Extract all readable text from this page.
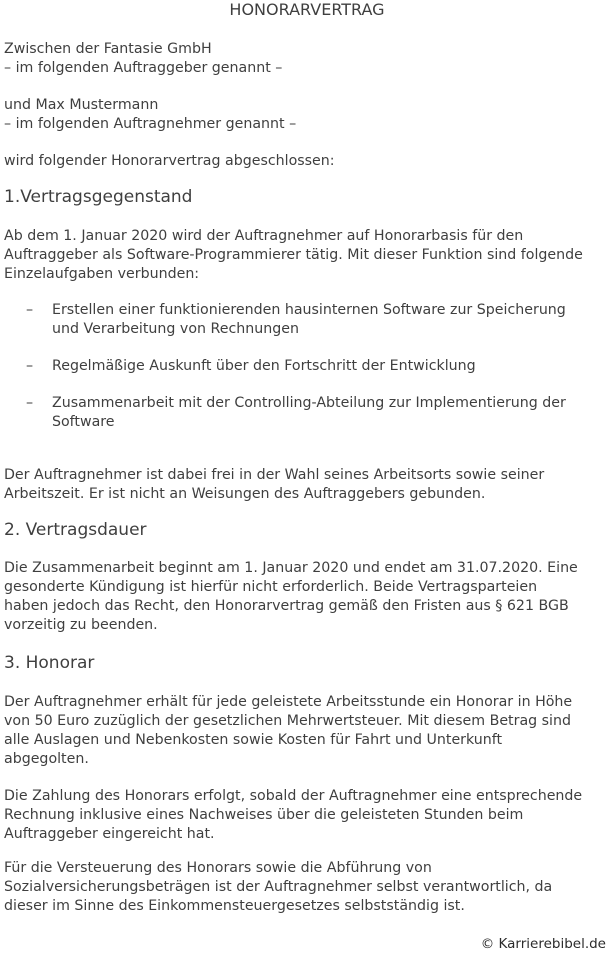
HONORARVERTRAG
Zwischen der Fantasie GmbH
– im folgenden Auftraggeber genannt –
und Max Mustermann
– im folgenden Auftragnehmer genannt –
wird folgender Honorarvertrag abgeschlossen:
1.Vertragsgegenstand
Ab dem 1. Januar 2020 wird der Auftragnehmer auf Honorarbasis für den
Auftraggeber als Software-Programmierer tätig. Mit dieser Funktion sind folgende
Einzelaufgaben verbunden:
– Erstellen einer funktionierenden hausinternen Software zur Speicherung
und Verarbeitung von Rechnungen
– Regelmäßige Auskunft über den Fortschritt der Entwicklung
– Zusammenarbeit mit der Controlling-Abteilung zur Implementierung der
Software
Der Auftragnehmer ist dabei frei in der Wahl seines Arbeitsorts sowie seiner
Arbeitszeit. Er ist nicht an Weisungen des Auftraggebers gebunden.
2. Vertragsdauer
Die Zusammenarbeit beginnt am 1. Januar 2020 und endet am 31.07.2020. Eine
gesonderte Kündigung ist hierfür nicht erforderlich. Beide Vertragsparteien
haben jedoch das Recht, den Honorarvertrag gemäß den Fristen aus § 621 BGB
vorzeitig zu beenden.
3. Honorar
Der Auftragnehmer erhält für jede geleistete Arbeitsstunde ein Honorar in Höhe
von 50 Euro zuzüglich der gesetzlichen Mehrwertsteuer. Mit diesem Betrag sind
alle Auslagen und Nebenkosten sowie Kosten für Fahrt und Unterkunft
abgegolten.
Die Zahlung des Honorars erfolgt, sobald der Auftragnehmer eine entsprechende
Rechnung inklusive eines Nachweises über die geleisteten Stunden beim
Auftraggeber eingereicht hat.
Für die Versteuerung des Honorars sowie die Abführung von
Sozialversicherungsbeträgen ist der Auftragnehmer selbst verantwortlich, da
dieser im Sinne des Einkommensteuergesetzes selbstständig ist.
© Karrierebibel.de
